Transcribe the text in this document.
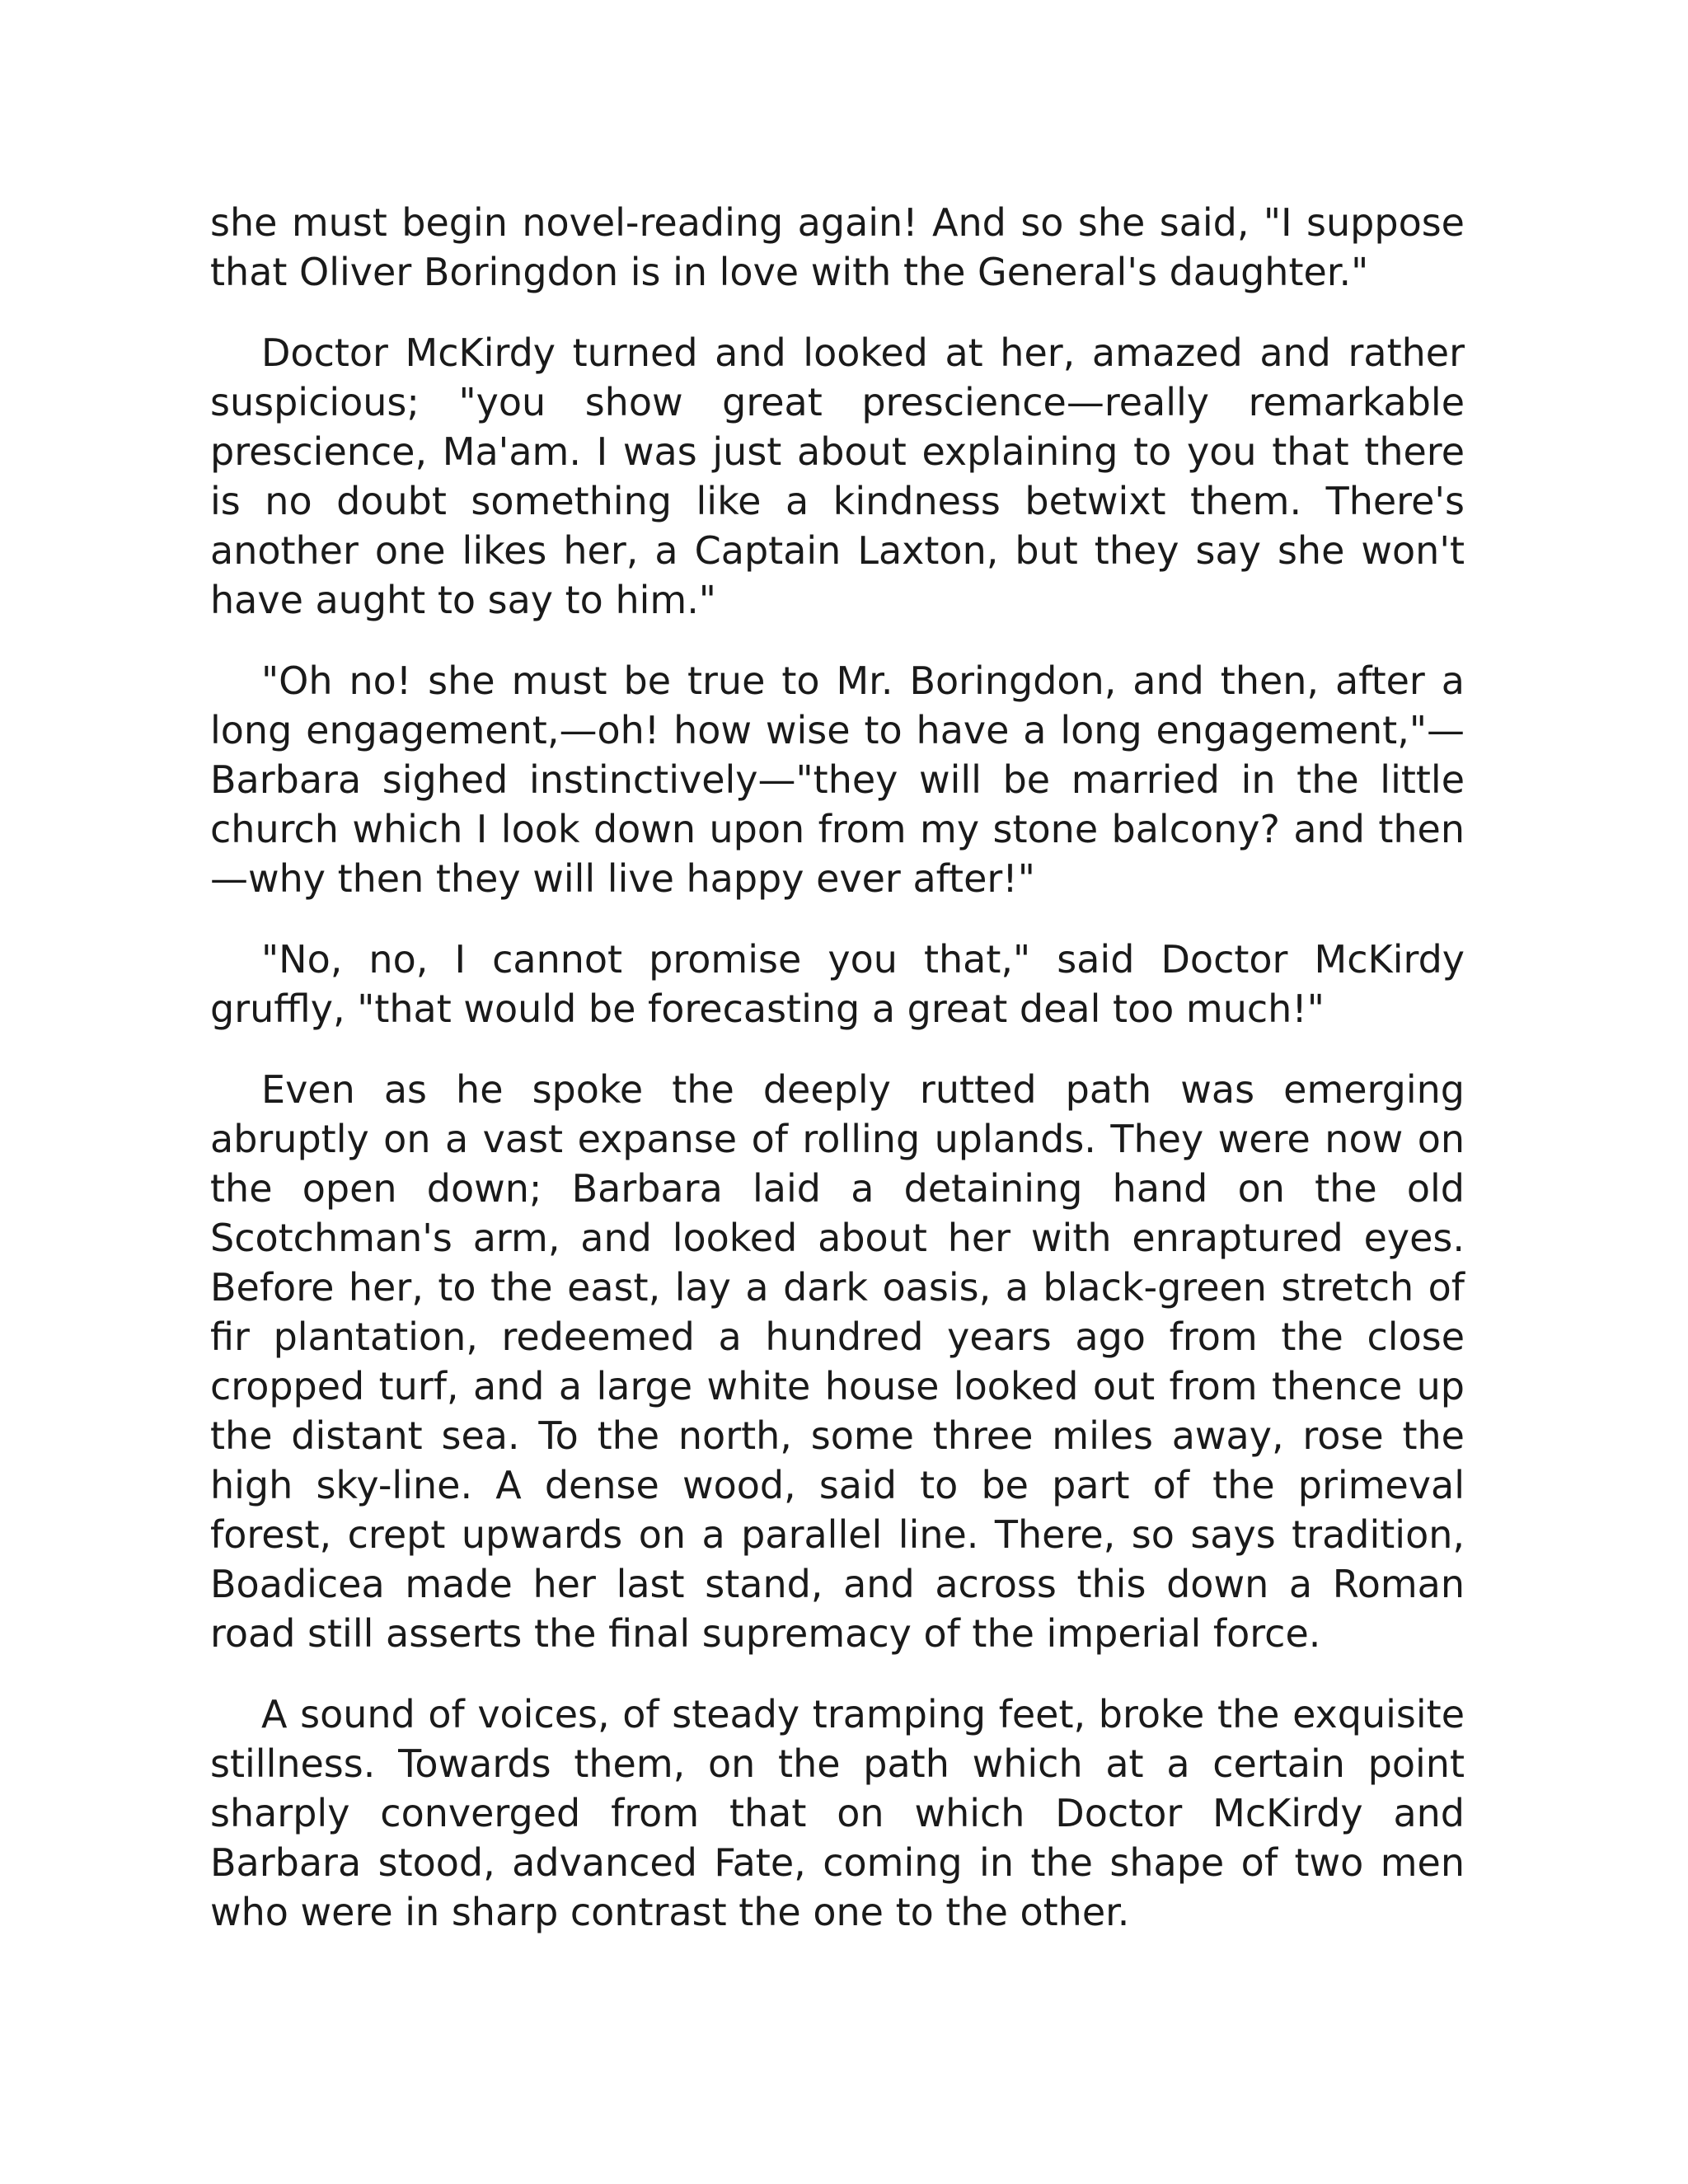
she must begin novel-reading again! And so she said, "I suppose that Oliver Boringdon is in love with the General's daughter."

Doctor McKirdy turned and looked at her, amazed and rather suspicious; "you show great prescience—really remarkable prescience, Ma'am. I was just about explaining to you that there is no doubt something like a kindness betwixt them. There's another one likes her, a Captain Laxton, but they say she won't have aught to say to him."

"Oh no! she must be true to Mr. Boringdon, and then, after a long engagement,—oh! how wise to have a long engagement,"—Barbara sighed instinctively—"they will be married in the little church which I look down upon from my stone balcony? and then—why then they will live happy ever after!"

"No, no, I cannot promise you that," said Doctor McKirdy gruffly, "that would be forecasting a great deal too much!"

Even as he spoke the deeply rutted path was emerging abruptly on a vast expanse of rolling uplands. They were now on the open down; Barbara laid a detaining hand on the old Scotchman's arm, and looked about her with enraptured eyes. Before her, to the east, lay a dark oasis, a black-green stretch of fir plantation, redeemed a hundred years ago from the close cropped turf, and a large white house looked out from thence up the distant sea. To the north, some three miles away, rose the high sky-line. A dense wood, said to be part of the primeval forest, crept upwards on a parallel line. There, so says tradition, Boadicea made her last stand, and across this down a Roman road still asserts the final supremacy of the imperial force.

A sound of voices, of steady tramping feet, broke the exquisite stillness. Towards them, on the path which at a certain point sharply converged from that on which Doctor McKirdy and Barbara stood, advanced Fate, coming in the shape of two men who were in sharp contrast the one to the other.
